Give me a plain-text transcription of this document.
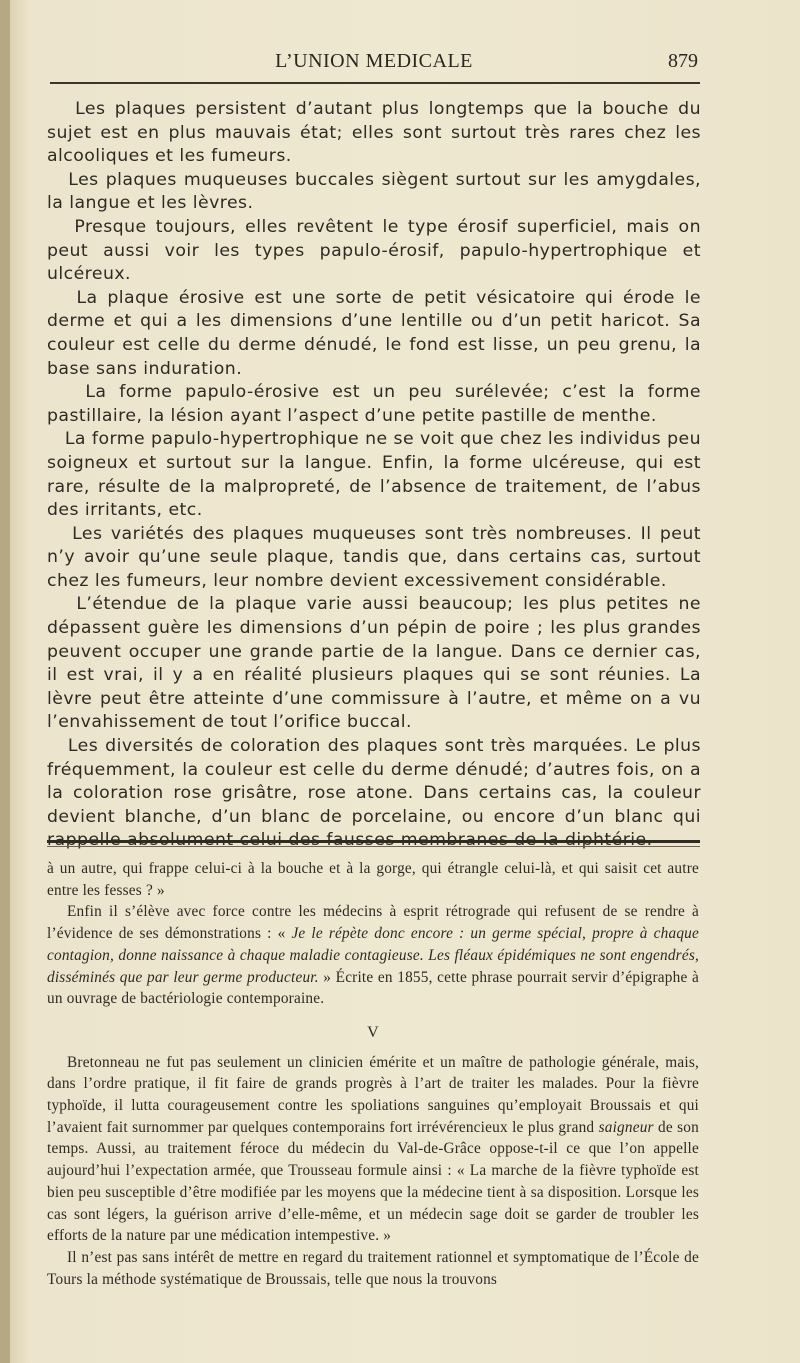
L’UNION MEDICALE	879

Les plaques persistent d’autant plus longtemps que la bouche du sujet est en plus mauvais état; elles sont surtout très rares chez les alcooliques et les fumeurs.

Les plaques muqueuses buccales siègent surtout sur les amygdales, la langue et les lèvres.

Presque toujours, elles revêtent le type érosif superficiel, mais on peut aussi voir les types papulo-érosif, papulo-hypertrophique et ulcéreux.

La plaque érosive est une sorte de petit vésicatoire qui érode le derme et qui a les dimensions d’une lentille ou d’un petit haricot. Sa couleur est celle du derme dénudé, le fond est lisse, un peu grenu, la base sans induration.

La forme papulo-érosive est un peu surélevée; c’est la forme pastillaire, la lésion ayant l’aspect d’une petite pastille de menthe.

La forme papulo-hypertrophique ne se voit que chez les individus peu soigneux et surtout sur la langue. Enfin, la forme ulcéreuse, qui est rare, résulte de la malpropreté, de l’absence de traitement, de l’abus des irritants, etc.

Les variétés des plaques muqueuses sont très nombreuses. Il peut n’y avoir qu’une seule plaque, tandis que, dans certains cas, surtout chez les fumeurs, leur nombre devient excessivement considérable.

L’étendue de la plaque varie aussi beaucoup; les plus petites ne dépassent guère les dimensions d’un pépin de poire ; les plus grandes peuvent occuper une grande partie de la langue. Dans ce dernier cas, il est vrai, il y a en réalité plusieurs plaques qui se sont réunies. La lèvre peut être atteinte d’une commissure à l’autre, et même on a vu l’envahissement de tout l’orifice buccal.

Les diversités de coloration des plaques sont très marquées. Le plus fréquemment, la couleur est celle du derme dénudé; d’autres fois, on a la coloration rose grisâtre, rose atone. Dans certains cas, la couleur devient blanche, d’un blanc de porcelaine, ou encore d’un blanc qui

à un autre, qui frappe celui-ci à la bouche et à la gorge, qui étrangle celui-là, et qui saisit cet autre entre les fesses ? »

Enfin il s’élève avec force contre les médecins à esprit rétrograde qui refusent de se rendre à l’évidence de ses démonstrations : « Je le répète donc encore : un germe spécial, propre à chaque contagion, donne naissance à chaque maladie contagieuse. Les fléaux épidémiques ne sont engendrés, disséminés que par leur germe producteur. » Écrite en 1855, cette phrase pourrait servir d’épigraphe à un ouvrage de bactériologie contemporaine.

V

Bretonneau ne fut pas seulement un clinicien émérite et un maître de pathologie générale, mais, dans l’ordre pratique, il fit faire de grands progrès à l’art de traiter les malades. Pour la fièvre typhoïde, il lutta courageusement contre les spoliations sanguines qu’employait Broussais et qui l’avaient fait surnommer par quelques contemporains fort irrévérencieux le plus grand saigneur de son temps. Aussi, au traitement féroce du médecin du Val-de-Grâce oppose-t-il ce que l’on appelle aujourd’hui l’expectation armée, que Trousseau formule ainsi : « La marche de la fièvre typhoïde est bien peu susceptible d’être modifiée par les moyens que la médecine tient à sa disposition. Lorsque les cas sont légers, la guérison arrive d’elle-même, et un médecin sage doit se garder de troubler les efforts de la nature par une médication intempestive. »

Il n’est pas sans intérêt de mettre en regard du traitement rationnel et symptomatique de l’École de Tours la méthode systématique de Broussais, telle que nous la trouvons
